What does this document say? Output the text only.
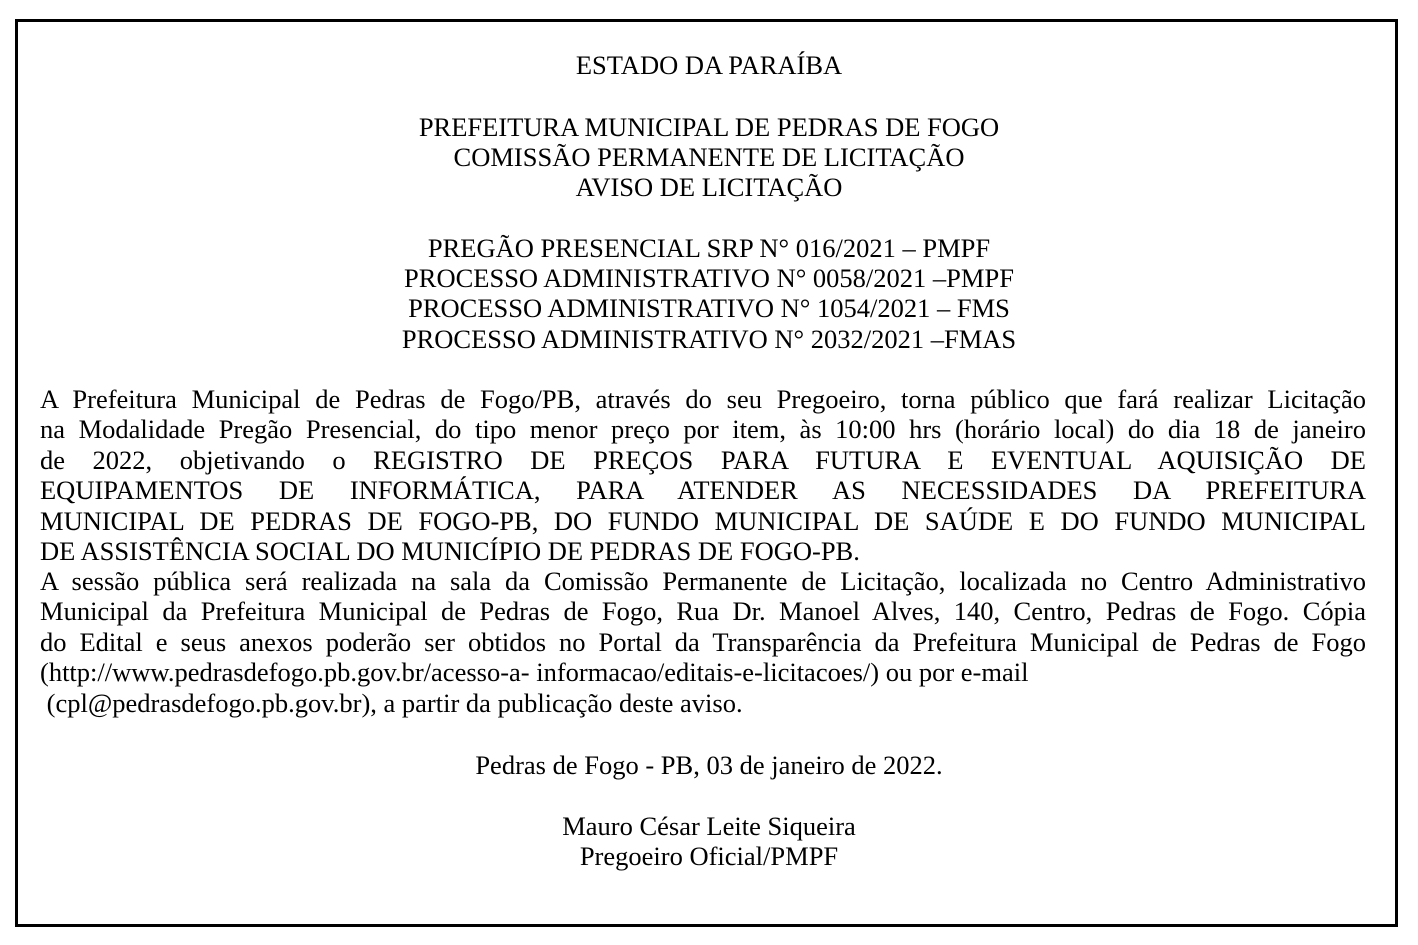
ESTADO DA PARAÍBA

PREFEITURA MUNICIPAL DE PEDRAS DE FOGO

COMISSÃO PERMANENTE DE LICITAÇÃO

AVISO DE LICITAÇÃO

PREGÃO PRESENCIAL SRP N° 016/2021 – PMPF

PROCESSO ADMINISTRATIVO N° 0058/2021 –PMPF

PROCESSO ADMINISTRATIVO N° 1054/2021 – FMS

PROCESSO ADMINISTRATIVO N° 2032/2021 –FMAS

A Prefeitura Municipal de Pedras de Fogo/PB, através do seu Pregoeiro, torna público que fará realizar Licitação
na Modalidade Pregão Presencial, do tipo menor preço por item, às 10:00 hrs (horário local) do dia 18 de janeiro
de 2022, objetivando o REGISTRO DE PREÇOS PARA FUTURA E EVENTUAL AQUISIÇÃO DE
EQUIPAMENTOS DE INFORMÁTICA, PARA ATENDER AS NECESSIDADES DA PREFEITURA
MUNICIPAL DE PEDRAS DE FOGO-PB, DO FUNDO MUNICIPAL DE SAÚDE E DO FUNDO MUNICIPAL
DE ASSISTÊNCIA SOCIAL DO MUNICÍPIO DE PEDRAS DE FOGO-PB.
A sessão pública será realizada na sala da Comissão Permanente de Licitação, localizada no Centro Administrativo
Municipal da Prefeitura Municipal de Pedras de Fogo, Rua Dr. Manoel Alves, 140, Centro, Pedras de Fogo. Cópia
do Edital e seus anexos poderão ser obtidos no Portal da Transparência da Prefeitura Municipal de Pedras de Fogo
(http://www.pedrasdefogo.pb.gov.br/acesso-a- informacao/editais-e-licitacoes/) ou por e-mail
(cpl@pedrasdefogo.pb.gov.br), a partir da publicação deste aviso.

Pedras de Fogo - PB, 03 de janeiro de 2022.

Mauro César Leite Siqueira

Pregoeiro Oficial/PMPF
